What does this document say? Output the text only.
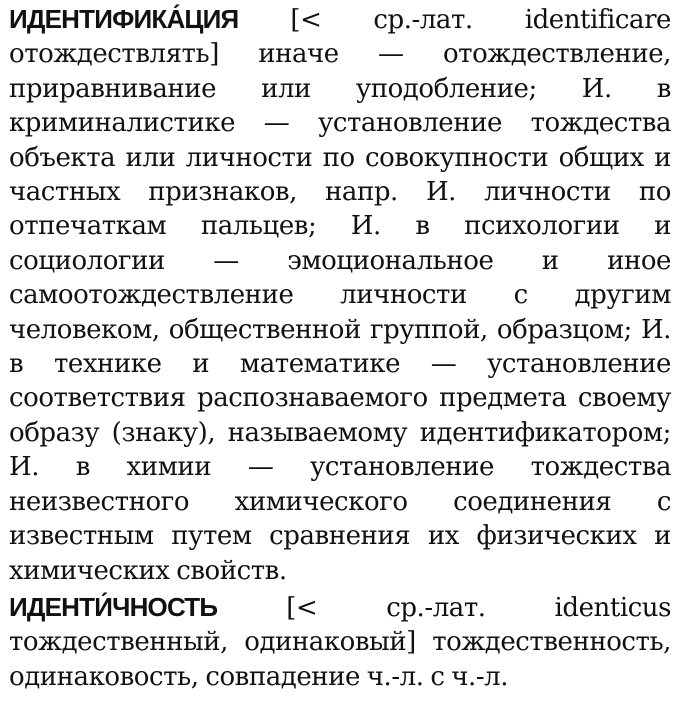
ИДЕНТИФИКА́ЦИЯ [< ср.-лат. identificare отождествлять] иначе — отождествление, приравнивание или уподобление; И. в криминалистике — установление тождества объекта или личности по совокупности общих и частных признаков, напр. И. личности по отпечаткам пальцев; И. в психологии и социологии — эмоциональное и иное самоотождествление личности с другим человеком, общественной группой, образцом; И. в технике и математике — установление соответствия распознаваемого предмета своему образу (знаку), называемому идентификатором; И. в химии — установление тождества неизвестного химического соединения с известным путем сравнения их физических и химических свойств.

ИДЕНТИ́ЧНОСТЬ	[< ср.-лат. identicus тождественный, одинаковый] тождественность, одинаковость, совпадение ч.-л. с ч.-л.
